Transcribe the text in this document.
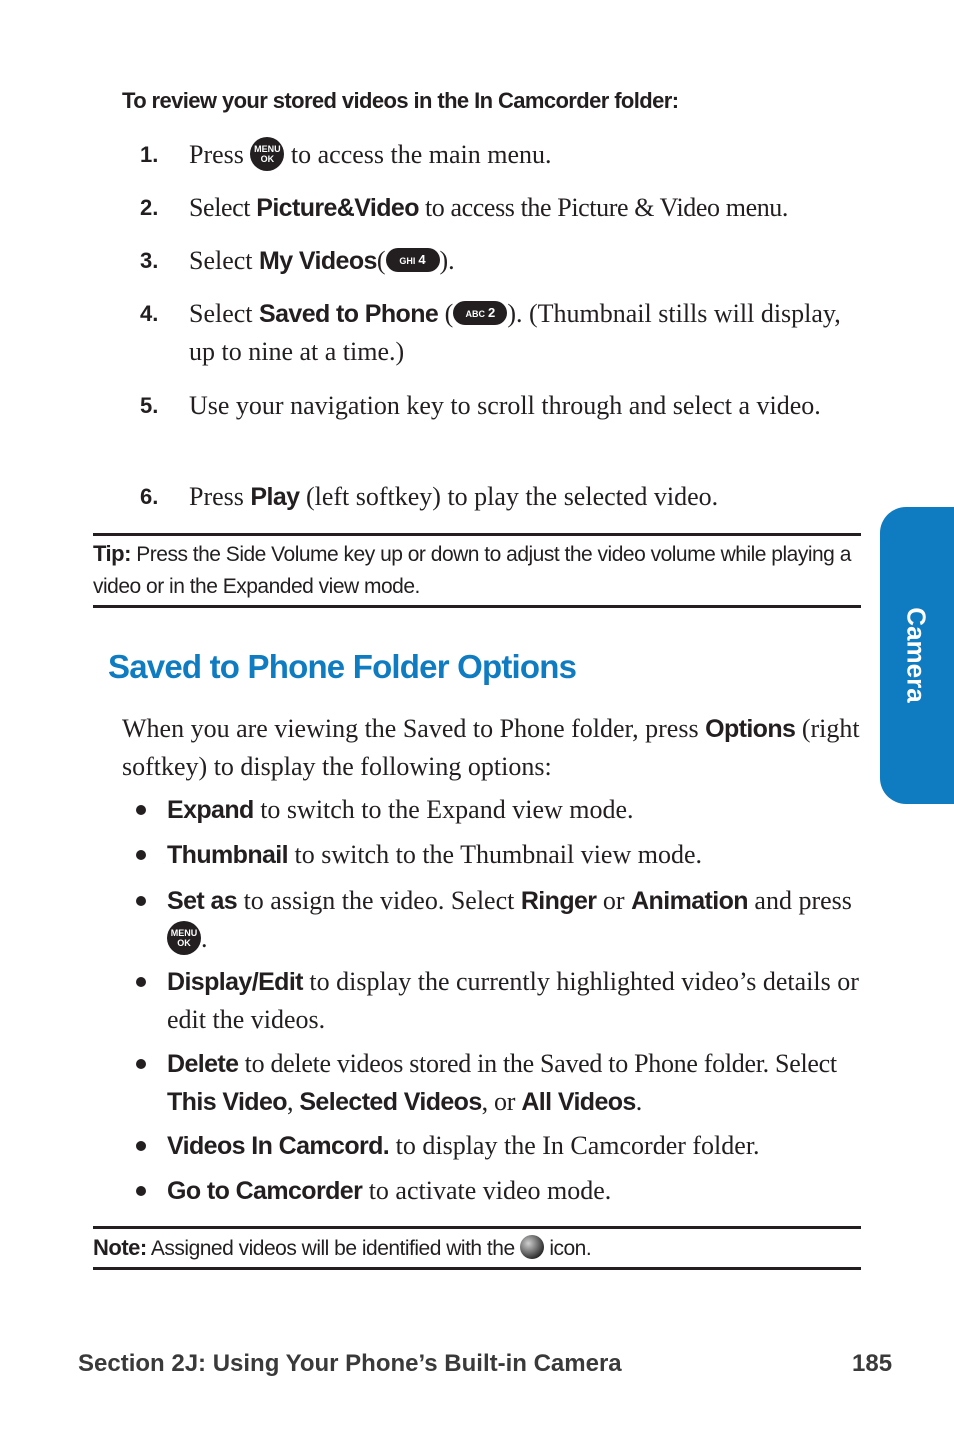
To review your stored videos in the In Camcorder folder:
1. Press MENU
OK to access the main menu.
2. Select Picture&Video to access the Picture & Video menu.
3. Select My Videos( GHI 4 ).
4. Select Saved to Phone ( ABC 2 ). (Thumbnail stills will display, up to nine at a time.)
5. Use your navigation key to scroll through and select a video.
6. Press Play (left softkey) to play the selected video.
Tip: Press the Side Volume key up or down to adjust the video volume while playing a video or in the Expanded view mode.
Saved to Phone Folder Options
When you are viewing the Saved to Phone folder, press Options (right softkey) to display the following options:
Expand to switch to the Expand view mode.
Thumbnail to switch to the Thumbnail view mode.
Set as to assign the video. Select Ringer or Animation and press MENU
OK .
Display/Edit to display the currently highlighted video’s details or edit the videos.
Delete to delete videos stored in the Saved to Phone folder. Select This Video, Selected Videos, or All Videos.
Videos In Camcord. to display the In Camcorder folder.
Go to Camcorder to activate video mode.
Note: Assigned videos will be identified with the icon.
Camera
Section 2J: Using Your Phone’s Built-in Camera	185
